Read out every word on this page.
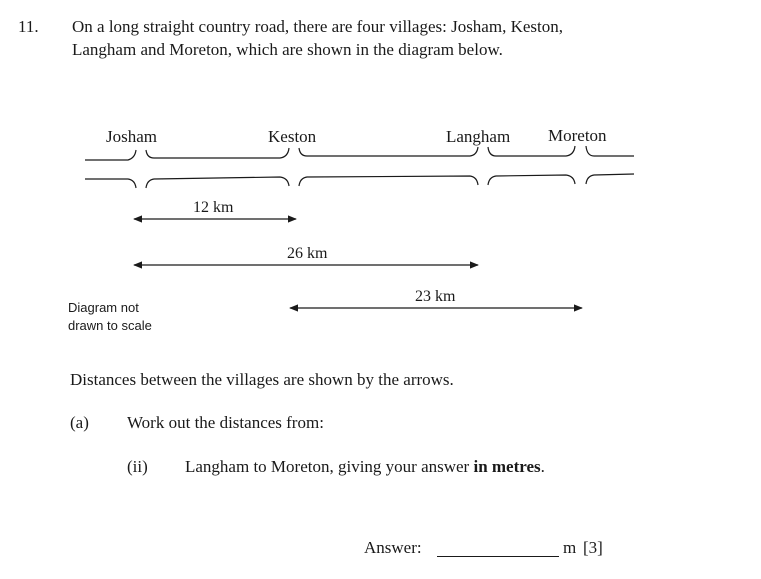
11. On a long straight country road, there are four villages: Josham, Keston,
Langham and Moreton, which are shown in the diagram below.
Josham	Keston	Langham Moreton
12 km
26 km
23 km
Diagram not
drawn to scale
Distances between the villages are shown by the arrows.
(a) Work out the distances from:
(ii) Langham to Moreton, giving your answer in metres.
Answer:	m [3]
